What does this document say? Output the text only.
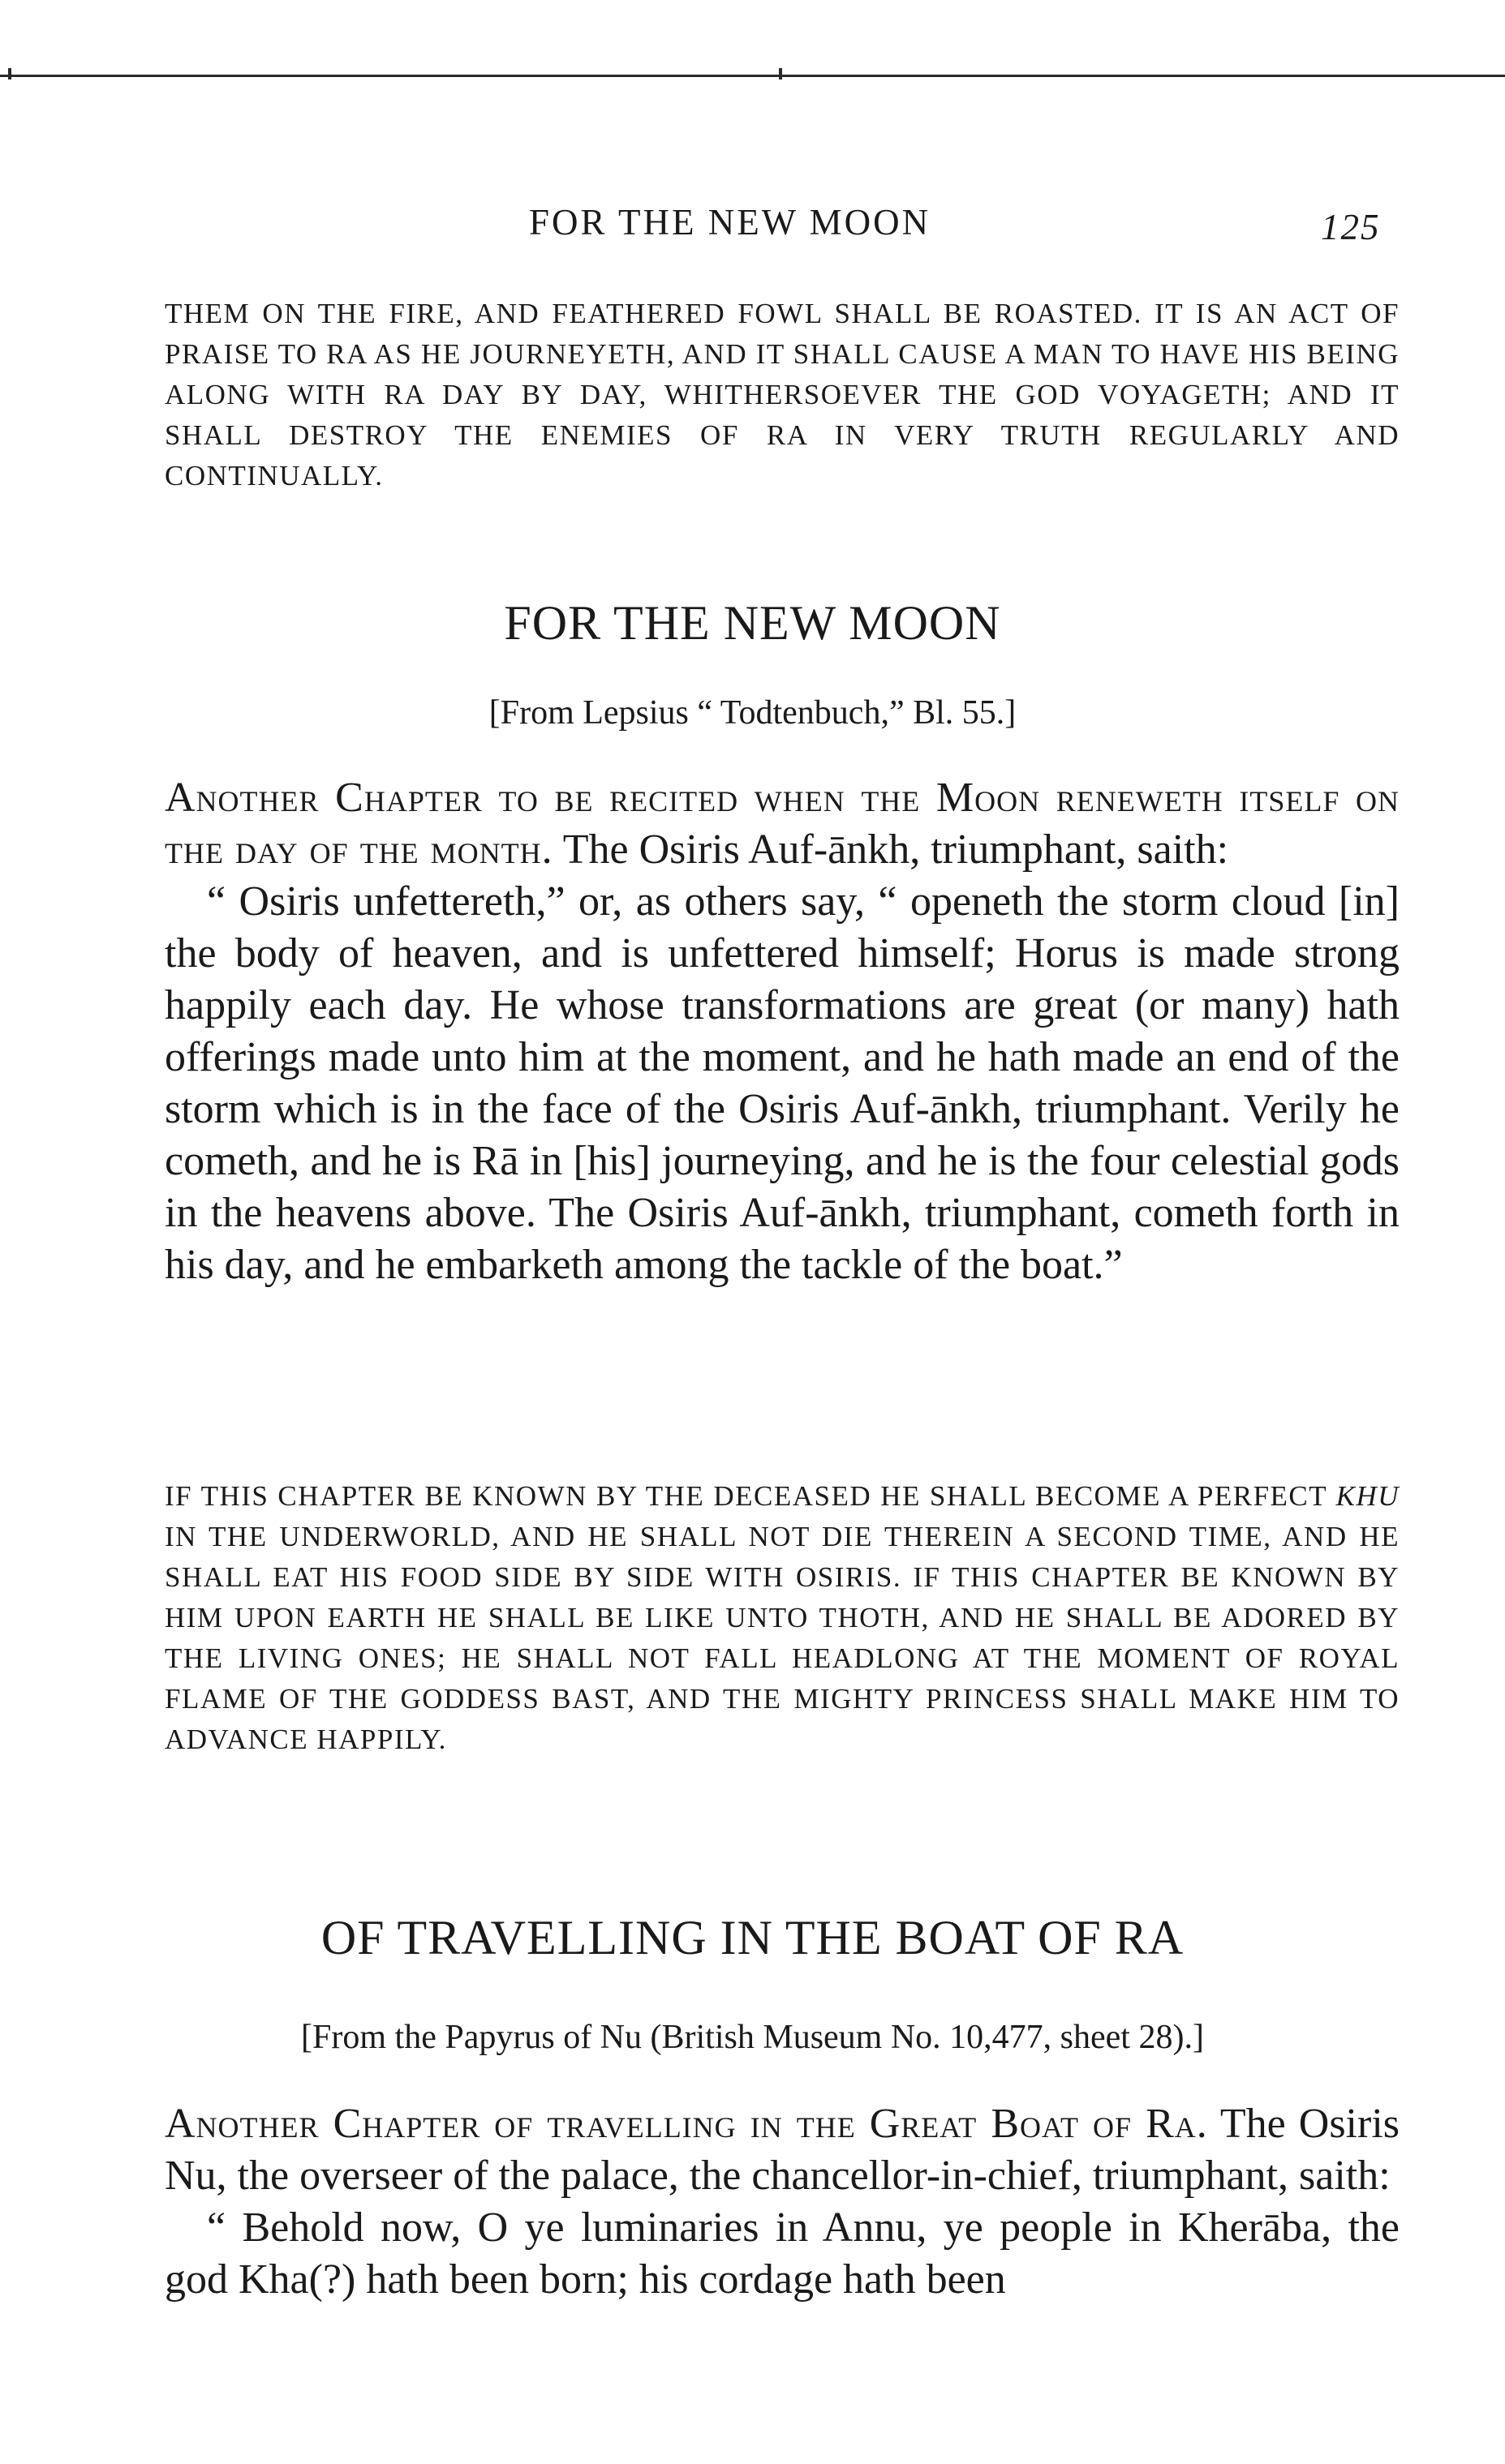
FOR THE NEW MOON	125
THEM ON THE FIRE, AND FEATHERED FOWL SHALL BE ROASTED. IT IS AN ACT OF PRAISE TO RA AS HE JOURNEYETH, AND IT SHALL CAUSE A MAN TO HAVE HIS BEING ALONG WITH RA DAY BY DAY, WHITHERSOEVER THE GOD VOYAGETH; AND IT SHALL DESTROY THE ENEMIES OF RA IN VERY TRUTH REGULARLY AND CONTINUALLY.
FOR THE NEW MOON
[From Lepsius “ Todtenbuch,” Bl. 55.]

Another Chapter to be recited when the Moon reneweth itself on the day of the month. The Osiris Auf-ānkh, triumphant, saith:

“ Osiris unfettereth,” or, as others say, “ openeth the storm cloud [in] the body of heaven, and is unfettered himself; Horus is made strong happily each day. He whose transformations are great (or many) hath offerings made unto him at the moment, and he hath made an end of the storm which is in the face of the Osiris Auf-ānkh, triumphant. Verily he cometh, and he is Rā in [his] journeying, and he is the four celestial gods in the heavens above. The Osiris Auf-ānkh, triumphant, cometh forth in his day, and he embarketh among the tackle of the boat.”

IF THIS CHAPTER BE KNOWN BY THE DECEASED HE SHALL BECOME A PERFECT KHU IN THE UNDERWORLD, AND HE SHALL NOT DIE THEREIN A SECOND TIME, AND HE SHALL EAT HIS FOOD SIDE BY SIDE WITH OSIRIS. IF THIS CHAPTER BE KNOWN BY HIM UPON EARTH HE SHALL BE LIKE UNTO THOTH, AND HE SHALL BE ADORED BY THE LIVING ONES; HE SHALL NOT FALL HEADLONG AT THE MOMENT OF ROYAL FLAME OF THE GODDESS BAST, AND THE MIGHTY PRINCESS SHALL MAKE HIM TO ADVANCE HAPPILY.
OF TRAVELLING IN THE BOAT OF RA
[From the Papyrus of Nu (British Museum No. 10,477, sheet 28).]

Another Chapter of travelling in the Great Boat of Ra. The Osiris Nu, the overseer of the palace, the chancellor-in-chief, triumphant, saith:

“ Behold now, O ye luminaries in Annu, ye people in Kherāba, the god Kha(?) hath been born; his cordage hath been
